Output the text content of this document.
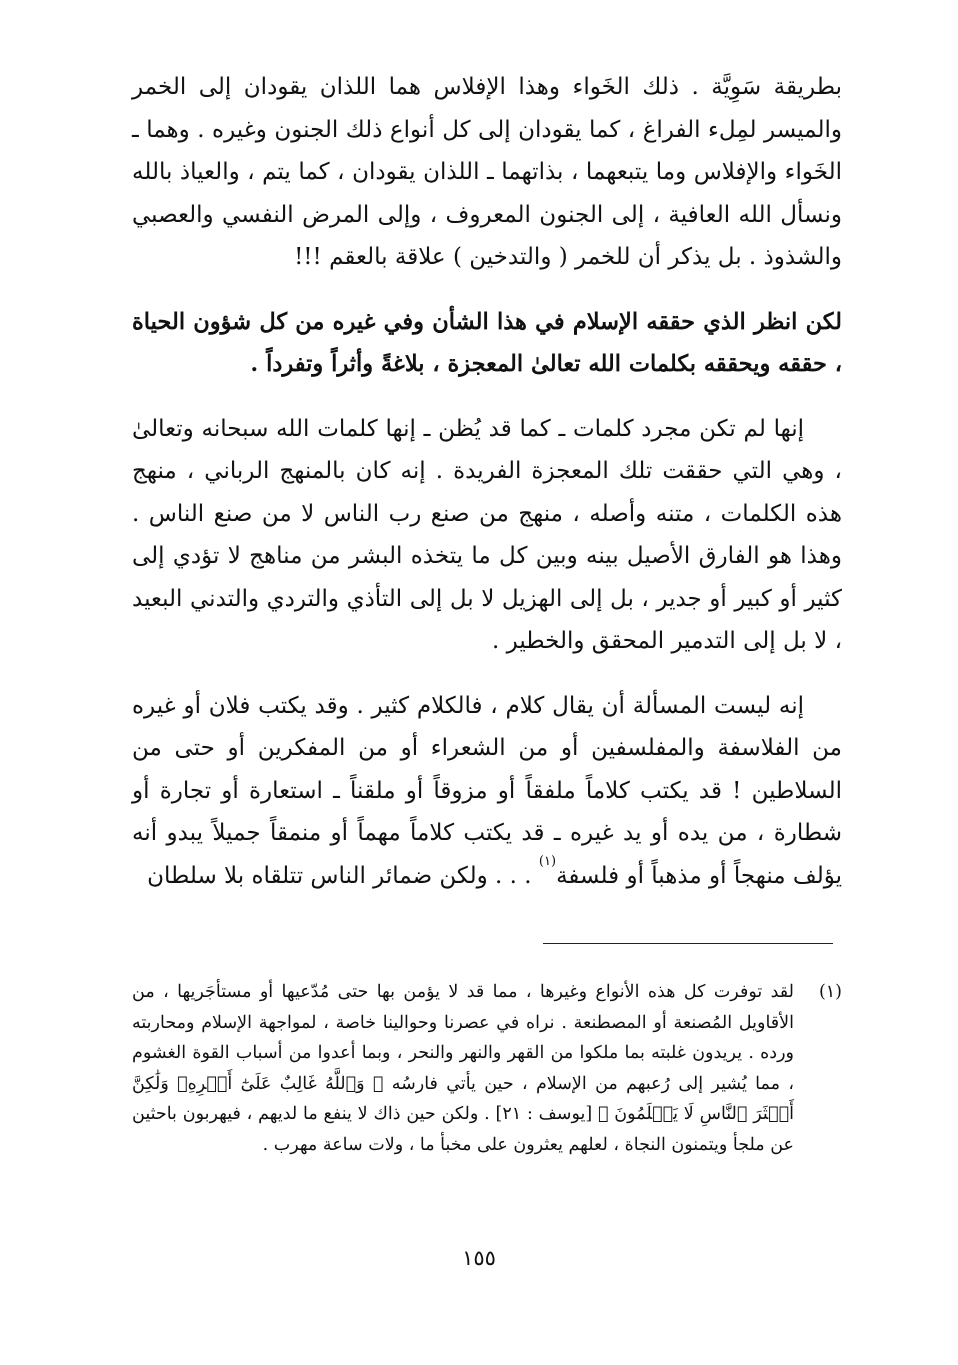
بطريقة سَوِيَّة . ذلك الخَواء وهذا الإفلاس هما اللذان يقودان إلى الخمر والميسر لمِلء الفراغ ، كما يقودان إلى كل أنواع ذلك الجنون وغيره . وهما ـ الخَواء والإفلاس وما يتبعهما ، بذاتهما ـ اللذان يقودان ، كما يتم ، والعياذ بالله ونسأل الله العافية ، إلى الجنون المعروف ، وإلى المرض النفسي والعصبي والشذوذ . بل يذكر أن للخمر ( والتدخين ) علاقة بالعقم !!!

لكن انظر الذي حققه الإسلام في هذا الشأن وفي غيره من كل شؤون الحياة ، حققه ويحققه بكلمات الله تعالىٰ المعجزة ، بلاغةً وأثراً وتفرداً .

إنها لم تكن مجرد كلمات ـ كما قد يُظن ـ إنها كلمات الله سبحانه وتعالىٰ ، وهي التي حققت تلك المعجزة الفريدة . إنه كان بالمنهج الرباني ، منهج هذه الكلمات ، متنه وأصله ، منهج من صنع رب الناس لا من صنع الناس . وهذا هو الفارق الأصيل بينه وبين كل ما يتخذه البشر من مناهج لا تؤدي إلى كثير أو كبير أو جدير ، بل إلى الهزيل لا بل إلى التأذي والتردي والتدني البعيد ، لا بل إلى التدمير المحقق والخطير .

إنه ليست المسألة أن يقال كلام ، فالكلام كثير . وقد يكتب فلان أو غيره من الفلاسفة والمفلسفين أو من الشعراء أو من المفكرين أو حتى من السلاطين ! قد يكتب كلاماً ملفقاً أو مزوقاً أو ملقناً ـ استعارة أو تجارة أو شطارة ، من يده أو يد غيره ـ قد يكتب كلاماً مهماً أو منمقاً جميلاً يبدو أنه يؤلف منهجاً أو مذهباً أو فلسفة$^{(١)}$ . . . ولكن ضمائر الناس تتلقاه بلا سلطان

(١)

لقد توفرت كل هذه الأنواع وغيرها ، مما قد لا يؤمن بها حتى مُدّعيها أو مستأجَريها ، من الأقاويل المُصنعة أو المصطنعة . نراه في عصرنا وحوالينا خاصة ، لمواجهة الإسلام ومحاربته ورده . يريدون غلبته بما ملكوا من القهر والنهر والنحر ، وبما أعدوا من أسباب القوة الغشوم ، مما يُشير إلى رُعبهم من الإسلام ، حين يأتي فارسُه ﴿ وَٱللَّهُ غَالِبٌ عَلَىٰٓ أَمۡرِهِۦ وَلَٰكِنَّ أَكۡثَرَ ٱلنَّاسِ لَا يَعۡلَمُونَ ﴾ [يوسف : ٢١] . ولكن حين ذاك لا ينفع ما لديهم ، فيهربون باحثين عن ملجأ ويتمنون النجاة ، لعلهم يعثرون على مخبأ ما ، ولات ساعة مهرب .

١٥٥
